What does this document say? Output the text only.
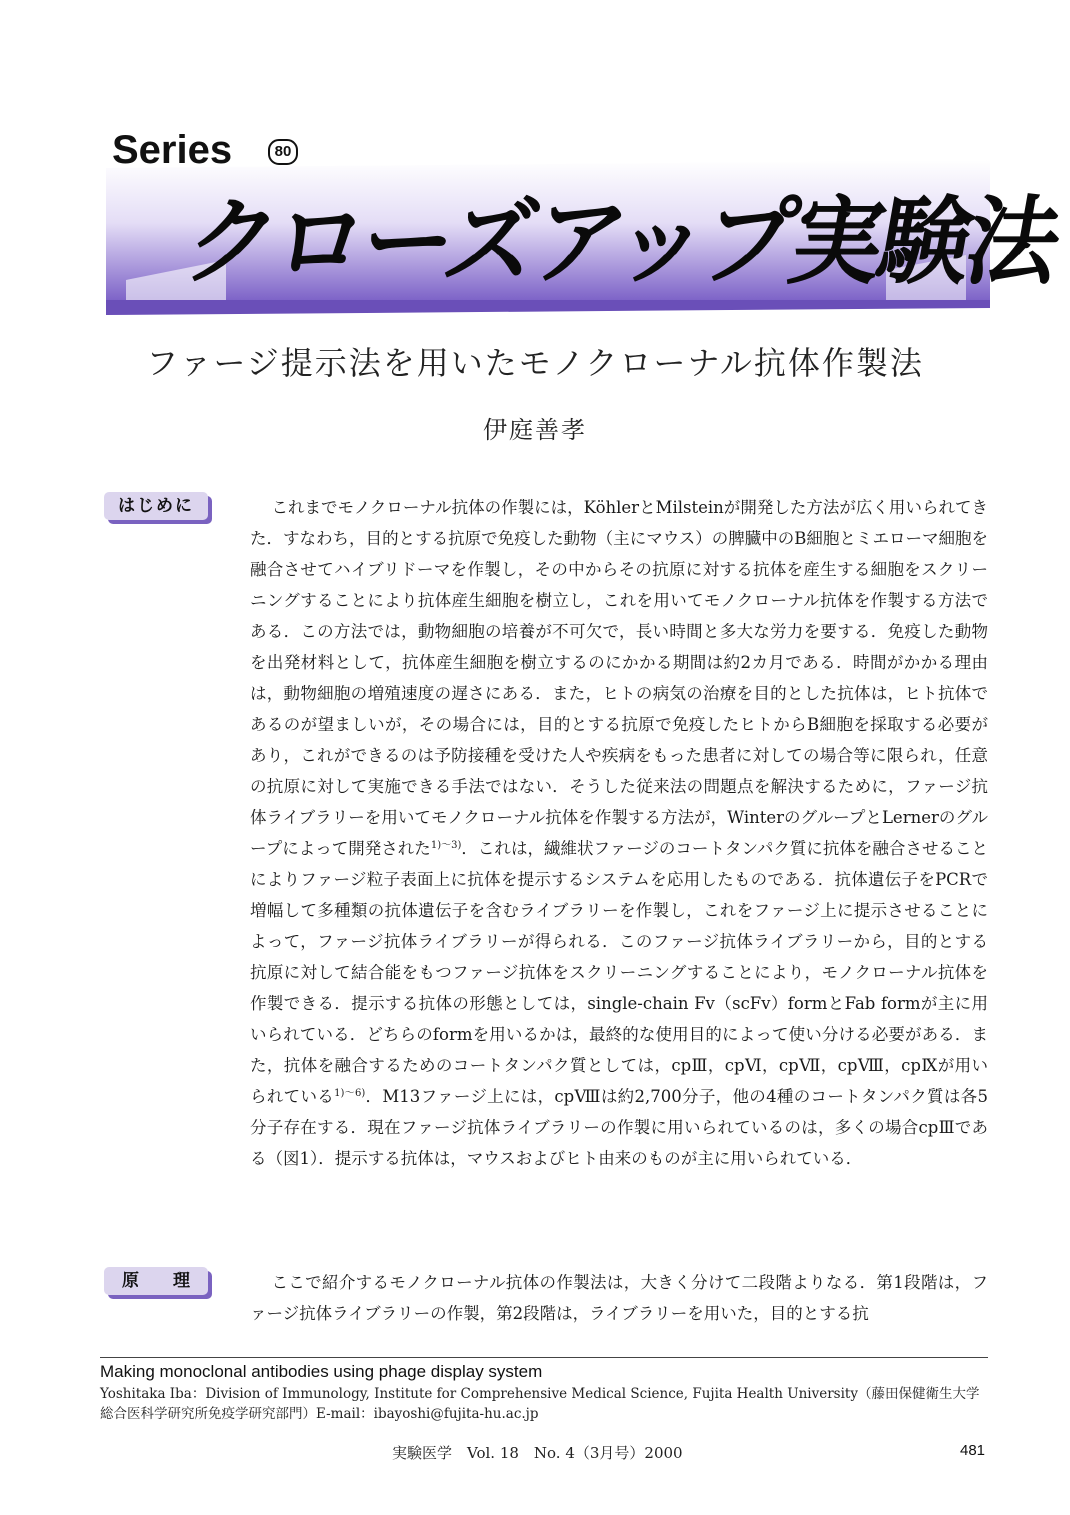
Series	80
クローズアップ実験法
ファージ提示法を用いたモノクローナル抗体作製法
伊庭善孝
はじめに	これまでモノクローナル抗体の作製には，KöhlerとMilsteinが開発した方法が広く用いられてきた．すなわち，目的とする抗原で免疫した動物（主にマウス）の脾臓中のB細胞とミエローマ細胞を融合させてハイブリドーマを作製し，その中からその抗原に対する抗体を産生する細胞をスクリーニングすることにより抗体産生細胞を樹立し，これを用いてモノクローナル抗体を作製する方法である．この方法では，動物細胞の培養が不可欠で，長い時間と多大な労力を要する．免疫した動物を出発材料として，抗体産生細胞を樹立するのにかかる期間は約2カ月である．時間がかかる理由は，動物細胞の増殖速度の遅さにある．また，ヒトの病気の治療を目的とした抗体は，ヒト抗体であるのが望ましいが，その場合には，目的とする抗原で免疫したヒトからB細胞を採取する必要があり，これができるのは予防接種を受けた人や疾病をもった患者に対しての場合等に限られ，任意の抗原に対して実施できる手法ではない．そうした従来法の問題点を解決するために，ファージ抗体ライブラリーを用いてモノクローナル抗体を作製する方法が，WinterのグループとLernerのグループによって開発された$^{1)〜3)}$．これは，繊維状ファージのコートタンパク質に抗体を融合させることによりファージ粒子表面上に抗体を提示するシステムを応用したものである．抗体遺伝子をPCRで増幅して多種類の抗体遺伝子を含むライブラリーを作製し，これをファージ上に提示させることによって，ファージ抗体ライブラリーが得られる．このファージ抗体ライブラリーから，目的とする抗原に対して結合能をもつファージ抗体をスクリーニングすることにより，モノクローナル抗体を作製できる．提示する抗体の形態としては，single-chain Fv（scFv）formとFab formが主に用いられている．どちらのformを用いるかは，最終的な使用目的によって使い分ける必要がある．また，抗体を融合するためのコートタンパク質としては，cpⅢ，cpⅥ，cpⅦ，cpⅧ，cpⅨが用いられている$^{1)〜6)}$．M13ファージ上には，cpⅧは約2,700分子，他の4種のコートタンパク質は各5分子存在する．現在ファージ抗体ライブラリーの作製に用いられているのは，多くの場合cpⅢである（図1）．提示する抗体は，マウスおよびヒト由来のものが主に用いられている．

原 理	ここで紹介するモノクローナル抗体の作製法は，大きく分けて二段階よりなる．第1段階は，ファージ抗体ライブラリーの作製，第2段階は，ライブラリーを用いた，目的とする抗

Making monoclonal antibodies using phage display system
Yoshitaka Iba：Division of Immunology, Institute for Comprehensive Medical Science, Fujita Health University（藤田保健衛生大学総合医科学研究所免疫学研究部門）E-mail：ibayoshi@fujita-hu.ac.jp
実験医学　Vol. 18　No. 4（3月号）2000	481
